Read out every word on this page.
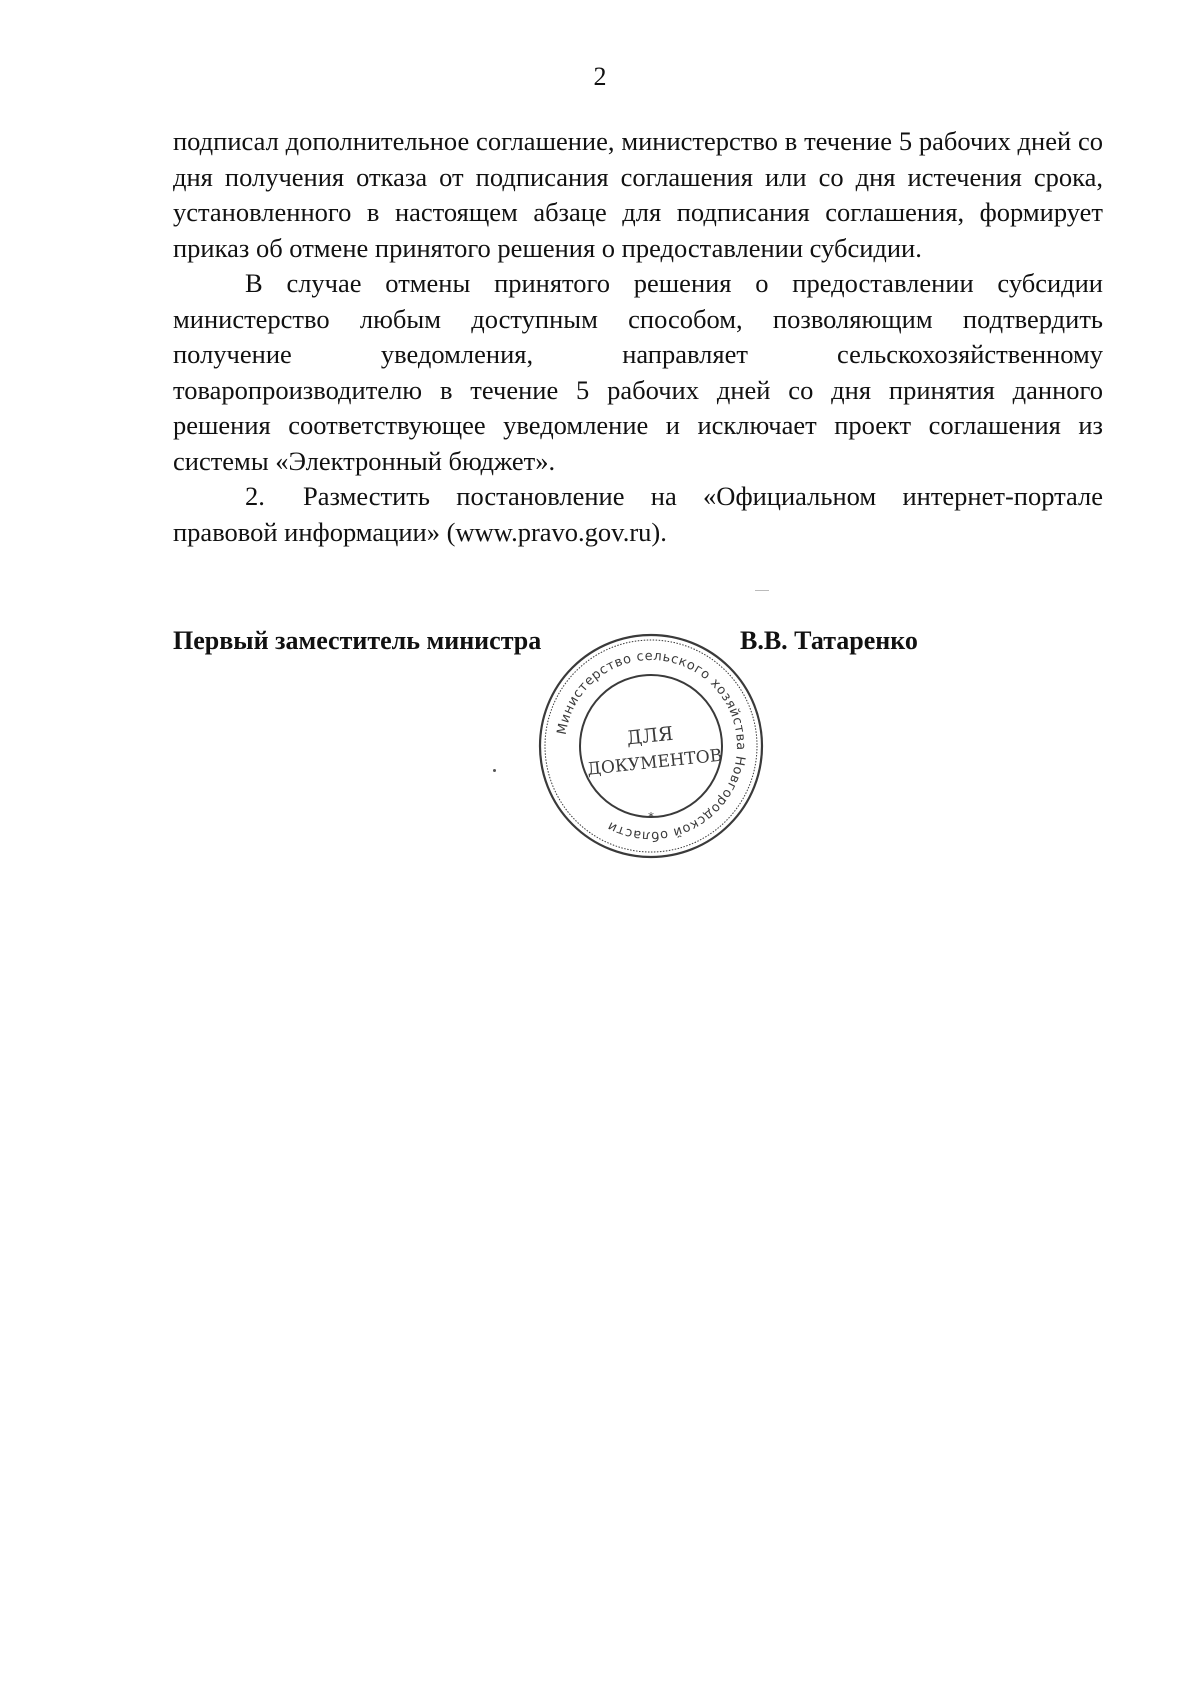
2

подписал дополнительное соглашение, министерство в течение 5 рабочих дней со дня получения отказа от подписания соглашения или со дня истечения срока, установленного в настоящем абзаце для подписания соглашения, формирует приказ об отмене принятого решения о предоставлении субсидии.

В случае отмены принятого решения о предоставлении субсидии министерство любым доступным способом, позволяющим подтвердить получение уведомления, направляет сельскохозяйственному товаропроизводителю в течение 5 рабочих дней со дня принятия данного решения соответствующее уведомление и исключает проект соглашения из системы «Электронный бюджет».

2. Разместить постановление на «Официальном интернет-портале правовой информации» (www.pravo.gov.ru).

Первый заместитель министра	В.В. Татаренко
Министерство сельского хозяйства Новгородской области
*
ДЛЯ
ДОКУМЕНТОВ
